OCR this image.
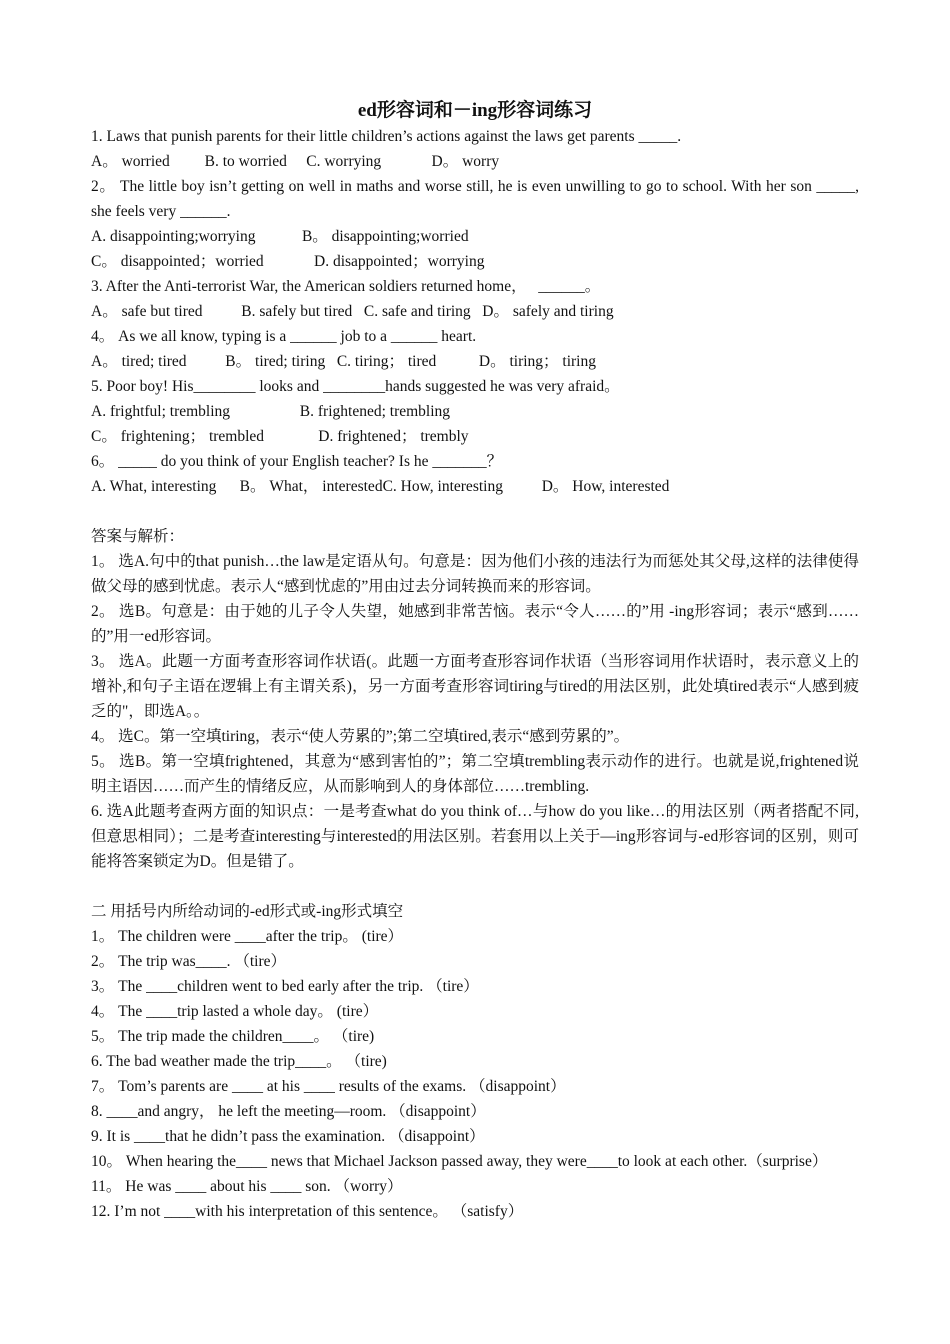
ed形容词和－ing形容词练习

1. Laws that punish parents for their little children’s actions against the laws get parents _____.

A。 worried         B. to worried     C. worrying             D。 worry

2。 The little boy isn’t getting on well in maths and worse still, he is even unwilling to go to school. With her son _____, she feels very ______.

A. disappointing;worrying            B。 disappointing;worried

C。 disappointed；worried             D. disappointed；worrying

3. After the Anti-terrorist War, the American soldiers returned home，   ______。

A。 safe but tired          B. safely but tired   C. safe and tiring   D。 safely and tiring

4。 As we all know, typing is a ______ job to a ______ heart.

A。 tired; tired          B。 tired; tiring   C. tiring； tired           D。 tiring； tiring

5. Poor boy! His________ looks and ________hands suggested he was very afraid。

A. frightful; trembling                  B. frightened; trembling

C。 frightening； trembled              D. frightened； trembly

6。 _____ do you think of your English teacher? Is he _______？

A. What, interesting      B。 What， interestedC. How, interesting          D。 How, interested

答案与解析：

1。 选A.句中的that punish…the law是定语从句。句意是：因为他们小孩的违法行为而惩处其父母,这样的法律使得做父母的感到忧虑。表示人“感到忧虑的”用由过去分词转换而来的形容词。

2。 选B。句意是：由于她的儿子令人失望，她感到非常苦恼。表示“令人……的”用 -ing形容词；表示“感到……的”用一ed形容词。

3。 选A。此题一方面考查形容词作状语(。此题一方面考查形容词作状语（当形容词用作状语时，表示意义上的增补,和句子主语在逻辑上有主谓关系)，另一方面考查形容词tiring与tired的用法区别，此处填tired表示“人感到疲乏的"，即选A。。

4。 选C。第一空填tiring，表示“使人劳累的”;第二空填tired,表示“感到劳累的”。

5。 选B。第一空填frightened，其意为“感到害怕的”；第二空填trembling表示动作的进行。也就是说,frightened说明主语因……而产生的情绪反应，从而影响到人的身体部位……trembling.

6. 选A此题考查两方面的知识点：一是考查what do you think of…与how do you like…的用法区别（两者搭配不同,但意思相同）；二是考查interesting与interested的用法区别。若套用以上关于—ing形容词与-ed形容词的区别，则可能将答案锁定为D。但是错了。

二 用括号内所给动词的-ed形式或-ing形式填空

1。 The children were ____after the trip。 (tire）

2。 The trip was____. （tire）

3。 The ____children went to bed early after the trip. （tire）

4。 The ____trip lasted a whole day。 (tire）

5。 The trip made the children____。 （tire)

6. The bad weather made the trip____。 （tire)

7。 Tom’s parents are ____ at his ____ results of the exams. （disappoint）

8. ____and angry， he left the meeting—room. （disappoint）

9. It is ____that he didn’t pass the examination. （disappoint）

10。 When hearing the____ news that Michael Jackson passed away, they were____to look at each other.（surprise）

11。 He was ____ about his ____ son. （worry）

12. I’m not ____with his interpretation of this sentence。 （satisfy）
